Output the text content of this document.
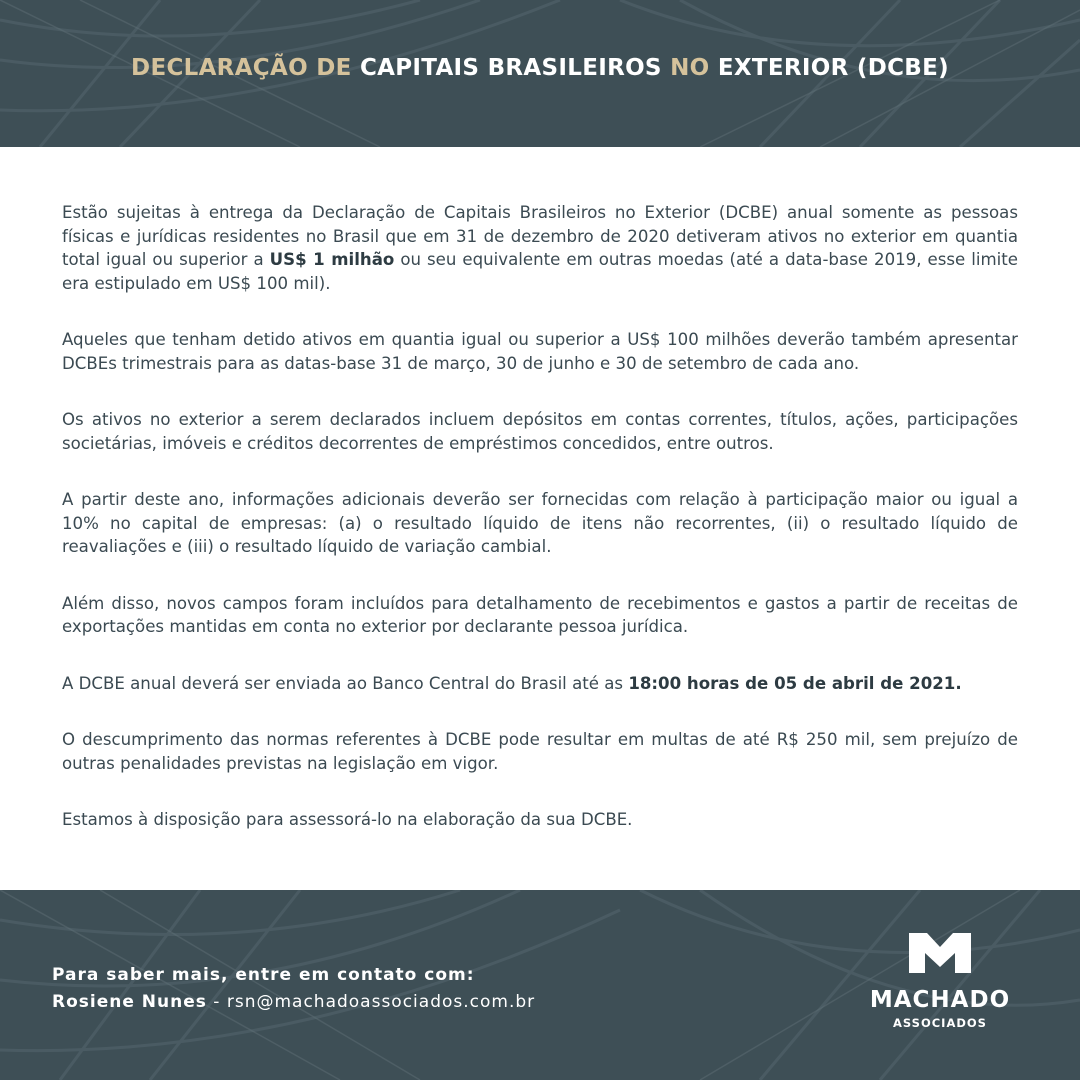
DECLARAÇÃO DE CAPITAIS BRASILEIROS NO EXTERIOR (DCBE)

Estão sujeitas à entrega da Declaração de Capitais Brasileiros no Exterior (DCBE) anual somente as pessoas físicas e jurídicas residentes no Brasil que em 31 de dezembro de 2020 detiveram ativos no exterior em quantia total igual ou superior a US$ 1 milhão ou seu equivalente em outras moedas (até a data-base 2019, esse limite era estipulado em US$ 100 mil).

Aqueles que tenham detido ativos em quantia igual ou superior a US$ 100 milhões deverão também apresentar DCBEs trimestrais para as datas-base 31 de março, 30 de junho e 30 de setembro de cada ano.

Os ativos no exterior a serem declarados incluem depósitos em contas correntes, títulos, ações, participações societárias, imóveis e créditos decorrentes de empréstimos concedidos, entre outros.

A partir deste ano, informações adicionais deverão ser fornecidas com relação à participação maior ou igual a 10% no capital de empresas: (a) o resultado líquido de itens não recorrentes, (ii) o resultado líquido de reavaliações e (iii) o resultado líquido de variação cambial.

Além disso, novos campos foram incluídos para detalhamento de recebimentos e gastos a partir de receitas de exportações mantidas em conta no exterior por declarante pessoa jurídica.

A DCBE anual deverá ser enviada ao Banco Central do Brasil até as 18:00 horas de 05 de abril de 2021.

O descumprimento das normas referentes à DCBE pode resultar em multas de até R$ 250 mil, sem prejuízo de outras penalidades previstas na legislação em vigor.

Estamos à disposição para assessorá-lo na elaboração da sua DCBE.

Para saber mais, entre em contato com:
Rosiene Nunes - rsn@machadoassociados.com.br	MACHADO
ASSOCIADOS
